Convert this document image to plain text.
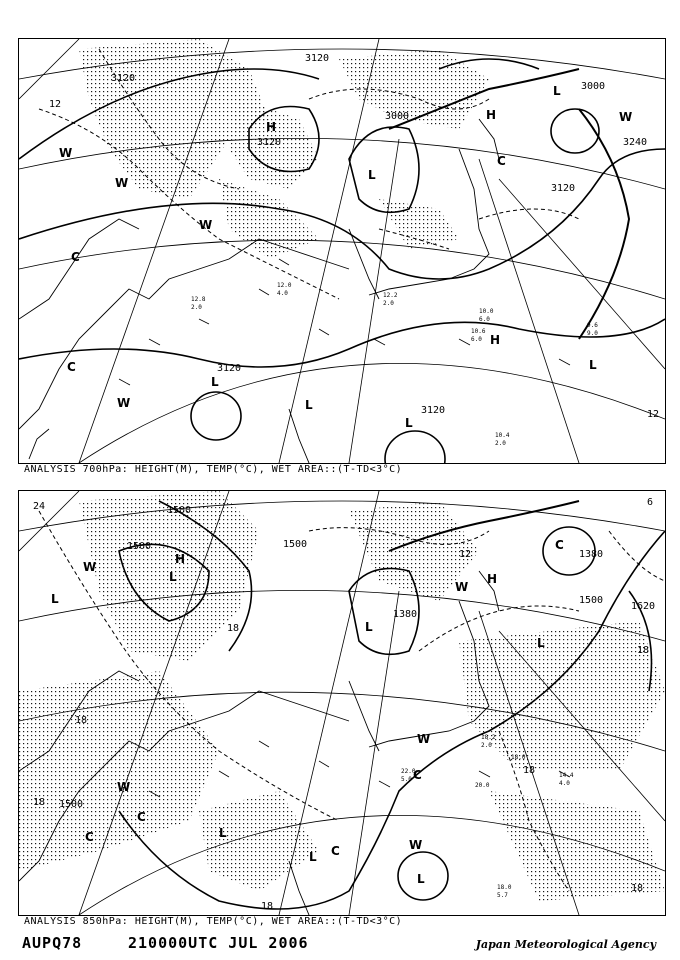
3120
3120
3120
3000
3240
3120
3120
3120
3000
12
12
H
H
H
L
L
L
L
L
L
C
C
C
W
W
W
W
W
10.0
6.0
10.6
6.0
12.2
2.0
12.0
4.0
10.4
2.0
9.6
9.0
12.8
2.0
ANALYSIS 700hPa: HEIGHT(M), TEMP(°C), WET AREA::(T-TD<3°C)
1500
1500	1500
1500
1500
1380
1380
1620
24
18
18
12
18
18
18
18
6
18
H
H
L
L
L
L
L
L
L
C
C
C
C
C
W
W
W
W
W
18.2
2.0
18.0
20.0
18.0
5.7
14.4
4.0
22.0
5.0
ANALYSIS 850hPa: HEIGHT(M), TEMP(°C), WET AREA::(T-TD<3°C)
AUPQ78	210000UTC JUL 2006	Japan Meteorological Agency
